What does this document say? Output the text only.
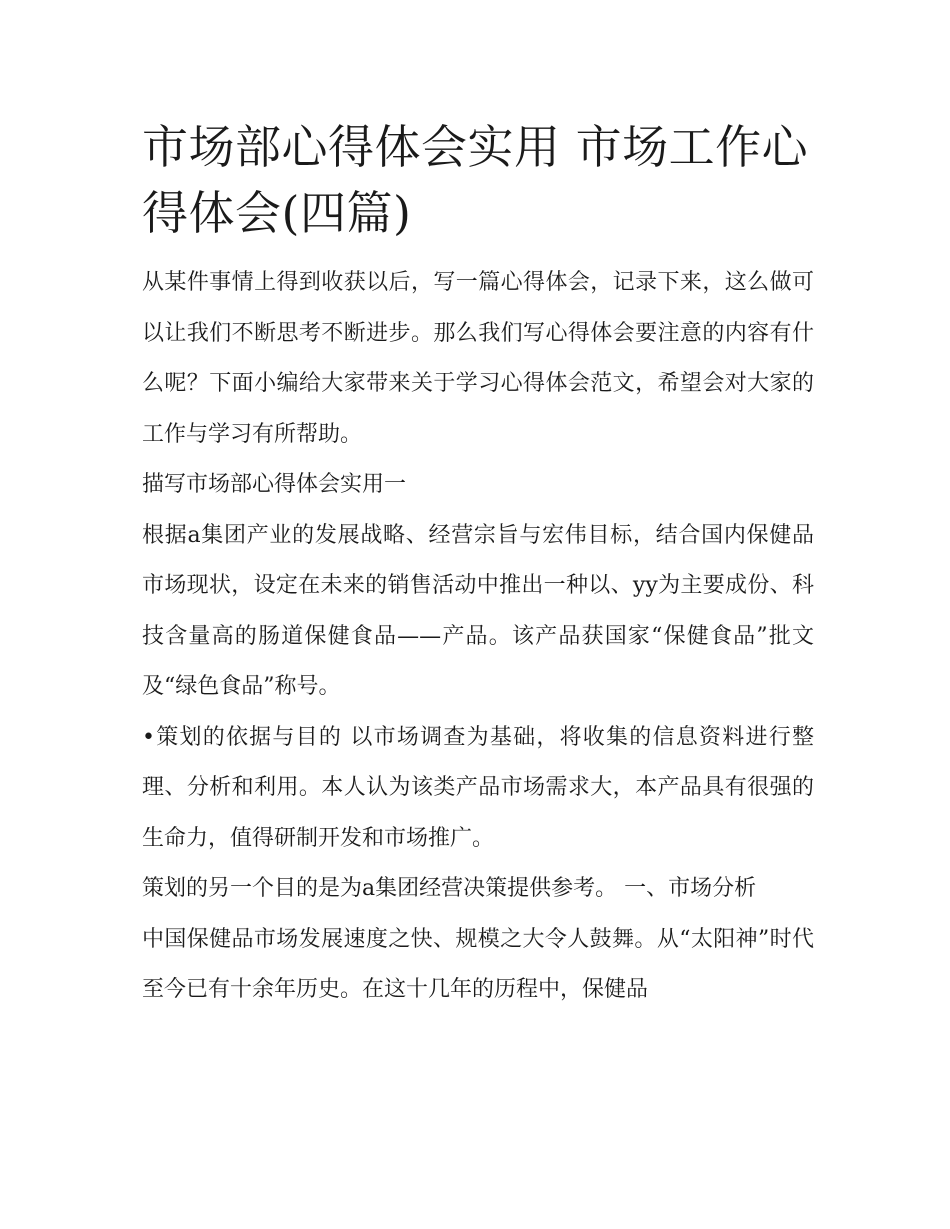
市场部心得体会实用 市场工作心得体会(四篇)

从某件事情上得到收获以后，写一篇心得体会，记录下来，这么做可以让我们不断思考不断进步。那么我们写心得体会要注意的内容有什么呢？下面小编给大家带来关于学习心得体会范文，希望会对大家的工作与学习有所帮助。

描写市场部心得体会实用一

根据a集团产业的发展战略、经营宗旨与宏伟目标，结合国内保健品市场现状，设定在未来的销售活动中推出一种以、yy为主要成份、科技含量高的肠道保健食品——产品。该产品获国家“保健食品”批文及“绿色食品”称号。

•策划的依据与目的 以市场调查为基础，将收集的信息资料进行整理、分析和利用。本人认为该类产品市场需求大，本产品具有很强的生命力，值得研制开发和市场推广。

策划的另一个目的是为a集团经营决策提供参考。 一、市场分析

中国保健品市场发展速度之快、规模之大令人鼓舞。从“太阳神”时代至今已有十余年历史。在这十几年的历程中，保健品
